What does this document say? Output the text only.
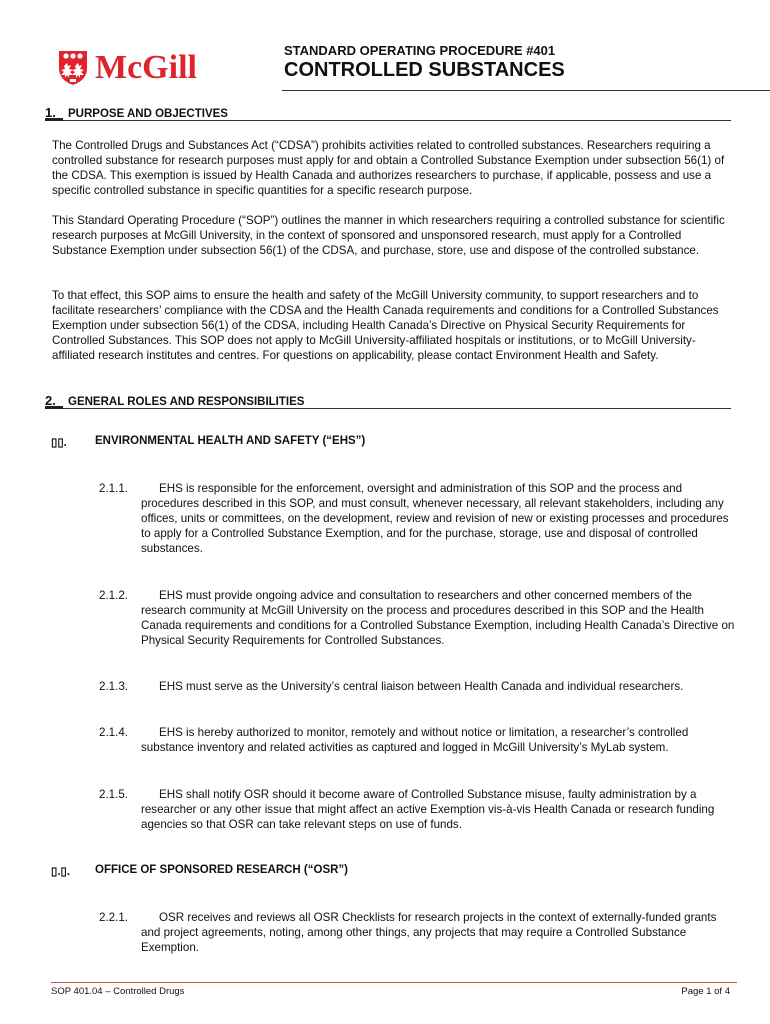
McGill	STANDARD OPERATING PROCEDURE #401
CONTROLLED SUBSTANCES
1. PURPOSE AND OBJECTIVES
The Controlled Drugs and Substances Act (“CDSA”) prohibits activities related to controlled substances. Researchers requiring a controlled substance for research purposes must apply for and obtain a Controlled Substance Exemption under subsection 56(1) of the CDSA. This exemption is issued by Health Canada and authorizes researchers to purchase, if applicable, possess and use a specific controlled substance in specific quantities for a specific research purpose.
This Standard Operating Procedure (“SOP”) outlines the manner in which researchers requiring a controlled substance for scientific research purposes at McGill University, in the context of sponsored and unsponsored research, must apply for a Controlled Substance Exemption under subsection 56(1) of the CDSA, and purchase, store, use and dispose of the controlled substance.
To that effect, this SOP aims to ensure the health and safety of the McGill University community, to support researchers and to facilitate researchers’ compliance with the CDSA and the Health Canada requirements and conditions for a Controlled Substances Exemption under subsection 56(1) of the CDSA, including Health Canada’s Directive on Physical Security Requirements for Controlled Substances. This SOP does not apply to McGill University-affiliated hospitals or institutions, or to McGill University-affiliated research institutes and centres. For questions on applicability, please contact Environment Health and Safety.
2. GENERAL ROLES AND RESPONSIBILITIES
▯▯.	ENVIRONMENTAL HEALTH AND SAFETY (“EHS”)
2.1.1.	EHS is responsible for the enforcement, oversight and administration of this SOP and the process and procedures described in this SOP, and must consult, whenever necessary, all relevant stakeholders, including any offices, units or committees, on the development, review and revision of new or existing processes and procedures to apply for a Controlled Substance Exemption, and for the purchase, storage, use and disposal of controlled substances.
2.1.2.	EHS must provide ongoing advice and consultation to researchers and other concerned members of the research community at McGill University on the process and procedures described in this SOP and the Health Canada requirements and conditions for a Controlled Substance Exemption, including Health Canada’s Directive on Physical Security Requirements for Controlled Substances.
2.1.3.	EHS must serve as the University’s central liaison between Health Canada and individual researchers.
2.1.4.	EHS is hereby authorized to monitor, remotely and without notice or limitation, a researcher’s controlled substance inventory and related activities as captured and logged in McGill University’s MyLab system.
2.1.5.	EHS shall notify OSR should it become aware of Controlled Substance misuse, faulty administration by a researcher or any other issue that might affect an active Exemption vis-à-vis Health Canada or research funding agencies so that OSR can take relevant steps on use of funds.
▯.▯.	OFFICE OF SPONSORED RESEARCH (“OSR”)
2.2.1.	OSR receives and reviews all OSR Checklists for research projects in the context of externally-funded grants and project agreements, noting, among other things, any projects that may require a Controlled Substance Exemption.
SOP 401.04 – Controlled Drugs	Page 1 of 4
